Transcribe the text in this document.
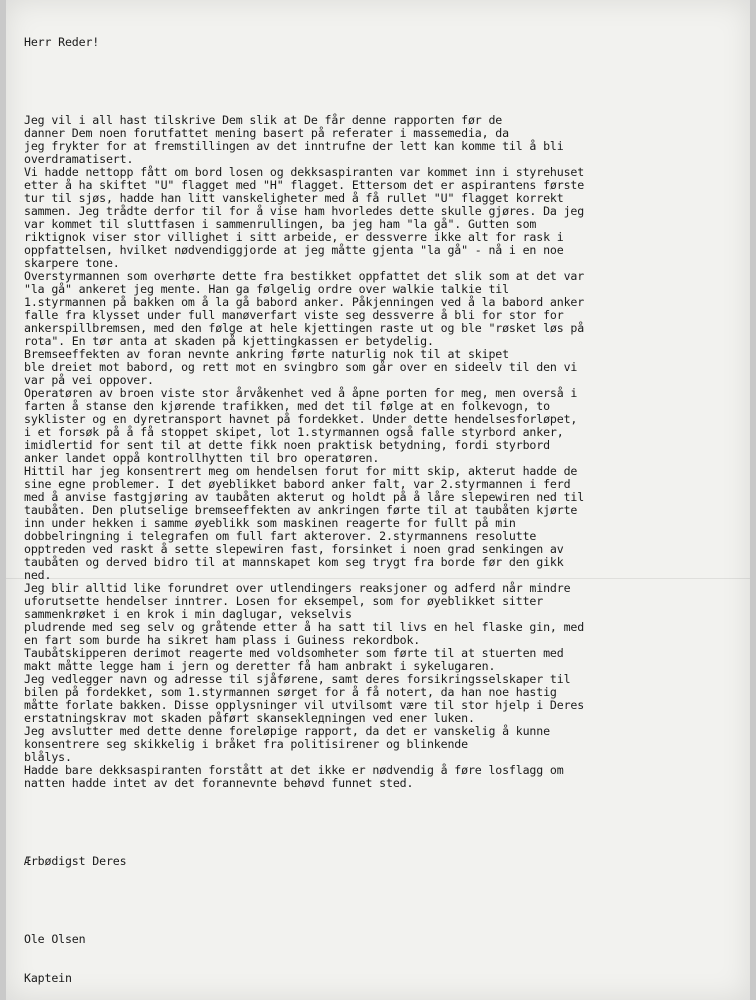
Herr Reder!

Jeg vil i all hast tilskrive Dem slik at De får denne rapporten før de
danner Dem noen forutfattet mening basert på referater i massemedia, da
jeg frykter for at fremstillingen av det inntrufne der lett kan komme til å bli
overdramatisert.
Vi hadde nettopp fått om bord losen og dekksaspiranten var kommet inn i styrehuset
etter å ha skiftet "U" flagget med "H" flagget. Ettersom det er aspirantens første
tur til sjøs, hadde han litt vanskeligheter med å få rullet "U" flagget korrekt
sammen. Jeg trådte derfor til for å vise ham hvorledes dette skulle gjøres. Da jeg
var kommet til sluttfasen i sammenrullingen, ba jeg ham "la gå". Gutten som
riktignok viser stor villighet i sitt arbeide, er dessverre ikke alt for rask i
oppfattelsen, hvilket nødvendiggjorde at jeg måtte gjenta "la gå" - nå i en noe
skarpere tone.
Overstyrmannen som overhørte dette fra bestikket oppfattet det slik som at det var
"la gå" ankeret jeg mente. Han ga følgelig ordre over walkie talkie til
1.styrmannen på bakken om å la gå babord anker. Påkjenningen ved å la babord anker
falle fra klysset under full manøverfart viste seg dessverre å bli for stor for
ankerspillbremsen, med den følge at hele kjettingen raste ut og ble "røsket løs på
rota". En tør anta at skaden på kjettingkassen er betydelig.
Bremseeffekten av foran nevnte ankring førte naturlig nok til at skipet
ble dreiet mot babord, og rett mot en svingbro som går over en sideelv til den vi
var på vei oppover.
Operatøren av broen viste stor årvåkenhet ved å åpne porten for meg, men overså i
farten å stanse den kjørende trafikken, med det til følge at en folkevogn, to
syklister og en dyretransport havnet på fordekket. Under dette hendelsesforløpet,
i et forsøk på å få stoppet skipet, lot 1.styrmannen også falle styrbord anker,
imidlertid for sent til at dette fikk noen praktisk betydning, fordi styrbord
anker landet oppå kontrollhytten til bro operatøren.
Hittil har jeg konsentrert meg om hendelsen forut for mitt skip, akterut hadde de
sine egne problemer. I det øyeblikket babord anker falt, var 2.styrmannen i ferd
med å anvise fastgjøring av taubåten akterut og holdt på å låre slepewiren ned til
taubåten. Den plutselige bremseeffekten av ankringen førte til at taubåten kjørte
inn under hekken i samme øyeblikk som maskinen reagerte for fullt på min
dobbelringning i telegrafen om full fart akterover. 2.styrmannens resolutte
opptreden ved raskt å sette slepewiren fast, forsinket i noen grad senkingen av
taubåten og derved bidro til at mannskapet kom seg trygt fra borde før den gikk
ned.
Jeg blir alltid like forundret over utlendingers reaksjoner og adferd når mindre
uforutsette hendelser inntrer. Losen for eksempel, som for øyeblikket sitter
sammenkrøket i en krok i min daglugar, vekselvis
pludrende med seg selv og gråtende etter å ha satt til livs en hel flaske gin, med
en fart som burde ha sikret ham plass i Guiness rekordbok.
Taubåtskipperen derimot reagerte med voldsomheter som førte til at stuerten med
makt måtte legge ham i jern og deretter få ham anbrakt i sykelugaren.
Jeg vedlegger navn og adresse til sjåførene, samt deres forsikringsselskaper til
bilen på fordekket, som 1.styrmannen sørget for å få notert, da han noe hastig
måtte forlate bakken. Disse opplysninger vil utvilsomt være til stor hjelp i Deres
erstatningskrav mot skaden påført skanseklедningen ved ener luken.
Jeg avslutter med dette denne foreløpige rapport, da det er vanskelig å kunne
konsentrere seg skikkelig i bråket fra politisirener og blinkende
blålys.
Hadde bare dekksaspiranten forstått at det ikke er nødvendig å føre losflagg om
natten hadde intet av det forannevnte behøvd funnet sted.

Ærbødigst Deres

Ole Olsen

Kaptein
